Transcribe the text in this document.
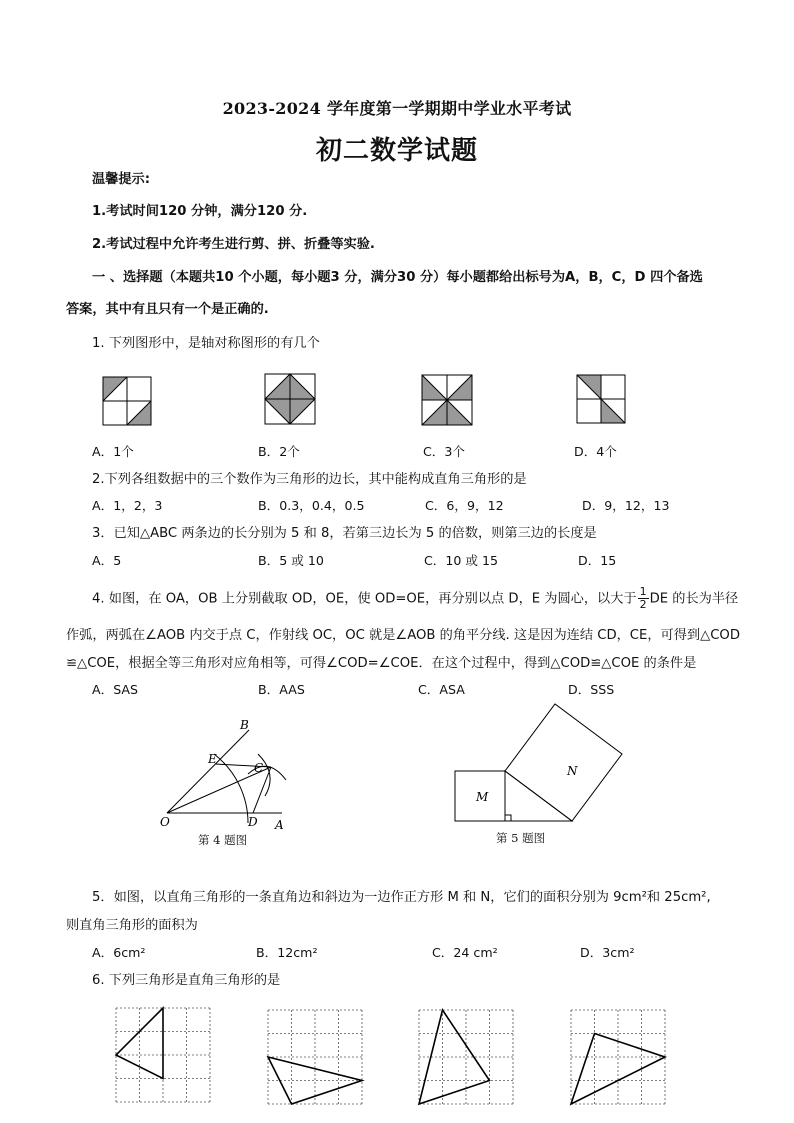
2023-2024 学年度第一学期期中学业水平考试
初二数学试题
温馨提示:
1.考试时间120 分钟，满分120 分.
2.考试过程中允许考生进行剪、拼、折叠等实验.
一 、选择题（本题共10 个小题，每小题3 分，满分30 分）每小题都给出标号为A，B，C，D 四个备选
答案，其中有且只有一个是正确的.
1. 下列图形中，是轴对称图形的有几个
A．1个	B．2个	C．3个	D．4个
2.下列各组数据中的三个数作为三角形的边长，其中能构成直角三角形的是
A．1，2，3	B．0.3，0.4，0.5	C．6，9，12	D．9，12，13
3．已知△ABC 两条边的长分别为 5 和 8，若第三边长为 5 的倍数，则第三边的长度是
A．5	B．5 或 10	C．10 或 15	D．15
4. 如图，在 OA，OB 上分别截取 OD，OE，使 OD=OE，再分别以点 D，E 为圆心，以大于 $\frac{1}{2}$ DE 的长为半径
作弧，两弧在∠AOB 内交于点 C，作射线 OC，OC 就是∠AOB 的角平分线. 这是因为连结 CD，CE，可得到△COD
≌△COE，根据全等三角形对应角相等，可得∠COD=∠COE．在这个过程中，得到△COD≌△COE 的条件是
A．SAS	B．AAS	C．ASA	D．SSS
B
E
C
O	D A
第 4 题图
M
N
第 5 题图
5．如图，以直角三角形的一条直角边和斜边为一边作正方形 M 和 N，它们的面积分别为 9cm²和 25cm²,
则直角三角形的面积为
A．6cm²	B．12cm²	C．24 cm²	D．3cm²
6. 下列三角形是直角三角形的是
